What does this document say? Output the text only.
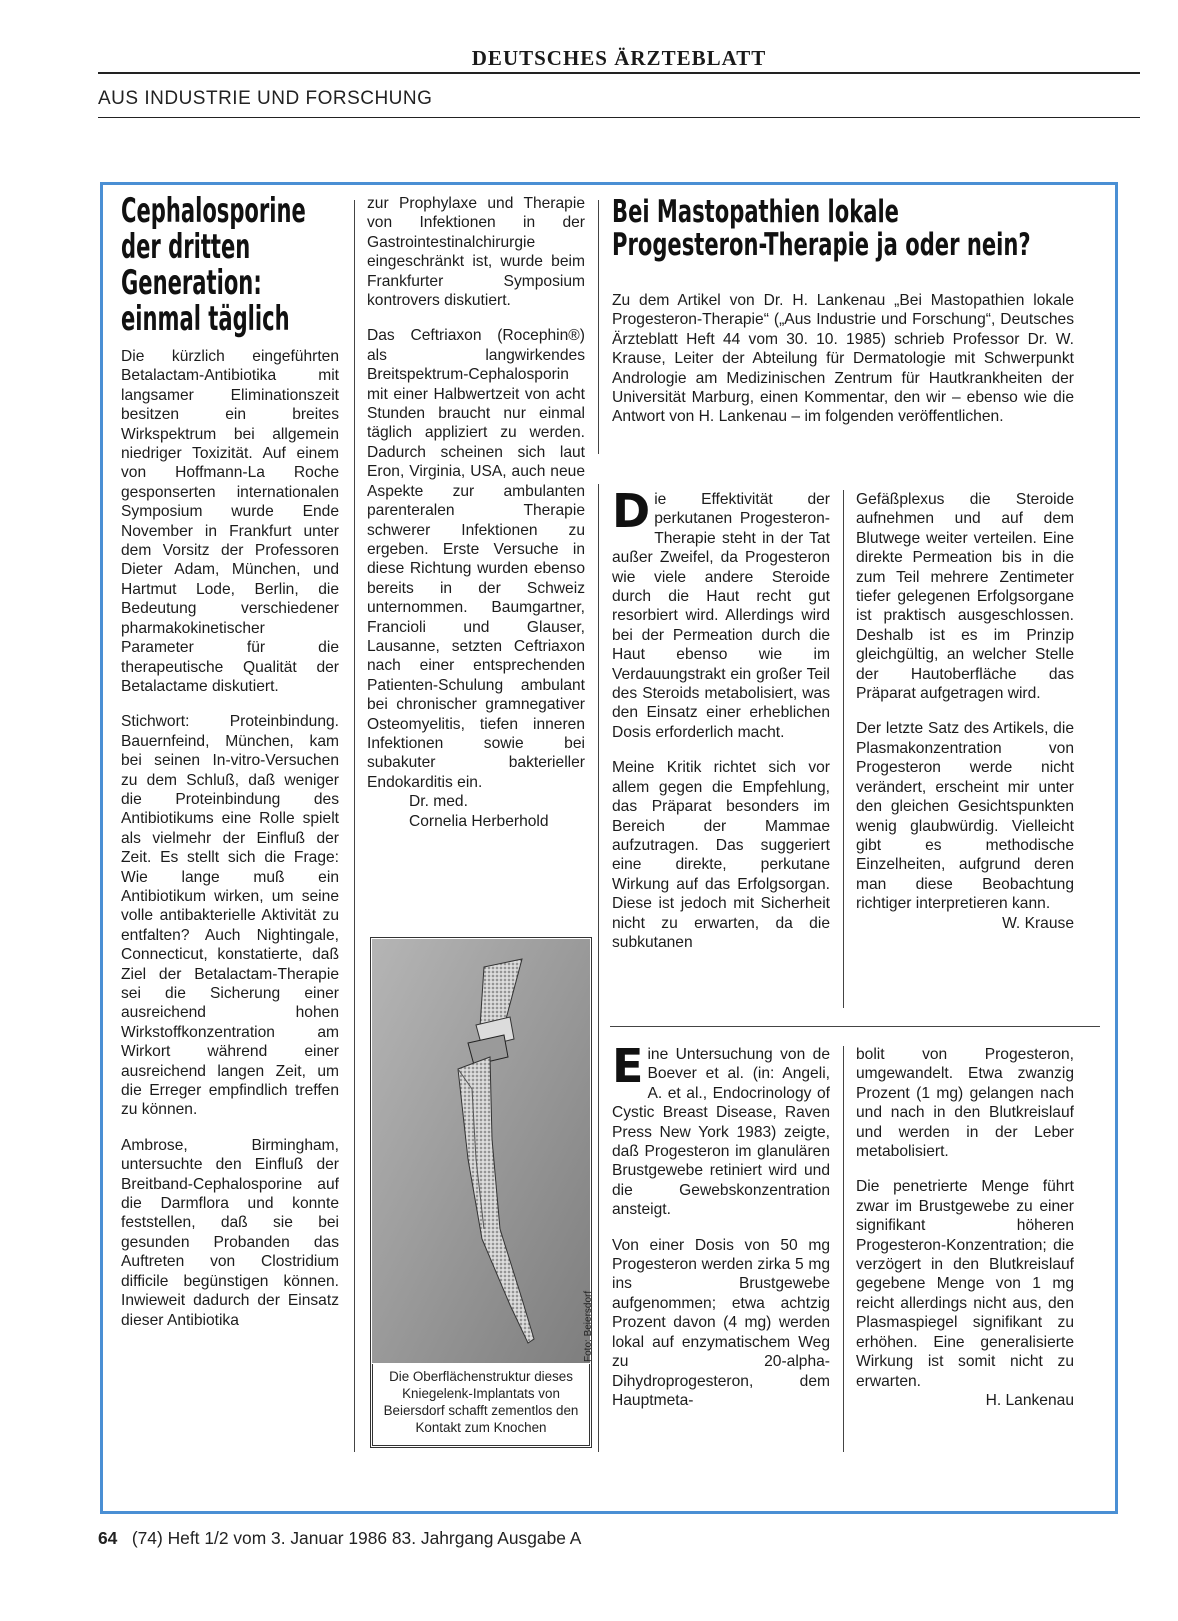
DEUTSCHES ÄRZTEBLATT
AUS INDUSTRIE UND FORSCHUNG
Cephalosporine
der dritten
Generation:
einmal täglich

Die kürzlich eingeführten Betalactam-Antibiotika mit langsamer Eliminationszeit besitzen ein breites Wirkspektrum bei allgemein niedriger Toxizität. Auf einem von Hoffmann-La Roche gesponserten internationalen Symposium wurde Ende November in Frankfurt unter dem Vorsitz der Professoren Dieter Adam, München, und Hartmut Lode, Berlin, die Bedeutung verschiedener pharmakokinetischer Parameter für die therapeutische Qualität der Betalactame diskutiert.

Stichwort: Proteinbindung. Bauernfeind, München, kam bei seinen In-vitro-Versuchen zu dem Schluß, daß weniger die Proteinbindung des Antibiotikums eine Rolle spielt als vielmehr der Einfluß der Zeit. Es stellt sich die Frage: Wie lange muß ein Antibiotikum wirken, um seine volle antibakterielle Aktivität zu entfalten? Auch Nightingale, Connecticut, konstatierte, daß Ziel der Betalactam-Therapie sei die Sicherung einer ausreichend hohen Wirkstoffkonzentration am Wirkort während einer ausreichend langen Zeit, um die Erreger empfindlich treffen zu können.

Ambrose, Birmingham, untersuchte den Einfluß der Breitband-Cephalosporine auf die Darmflora und konnte feststellen, daß sie bei gesunden Probanden das Auftreten von Clostridium difficile begünstigen können. Inwieweit dadurch der Einsatz dieser Antibiotika

zur Prophylaxe und Therapie von Infektionen in der Gastrointestinalchirurgie eingeschränkt ist, wurde beim Frankfurter Symposium kontrovers diskutiert.

Das Ceftriaxon (Rocephin®) als langwirkendes Breitspektrum-Cephalosporin mit einer Halbwertzeit von acht Stunden braucht nur einmal täglich appliziert zu werden. Dadurch scheinen sich laut Eron, Virginia, USA, auch neue Aspekte zur ambulanten parenteralen Therapie schwerer Infektionen zu ergeben. Erste Versuche in diese Richtung wurden ebenso bereits in der Schweiz unternommen. Baumgartner, Francioli und Glauser, Lausanne, setzten Ceftriaxon nach einer entsprechenden Patienten-Schulung ambulant bei chronischer gramnegativer Osteomyelitis, tiefen inneren Infektionen sowie bei subakuter bakterieller Endokarditis ein.

Dr. med.
Cornelia Herberhold
Foto: Beiersdorf
Die Oberflächenstruktur dieses Kniegelenk-Implantats von Beiersdorf schafft zementlos den Kontakt zum Knochen
Bei Mastopathien lokale
Progesteron-Therapie ja oder nein?
Zu dem Artikel von Dr. H. Lankenau „Bei Mastopathien lokale Progesteron-Therapie“ („Aus Industrie und Forschung“, Deutsches Ärzteblatt Heft 44 vom 30. 10. 1985) schrieb Professor Dr. W. Krause, Leiter der Abteilung für Dermatologie mit Schwerpunkt Andrologie am Medizinischen Zentrum für Hautkrankheiten der Universität Marburg, einen Kommentar, den wir – ebenso wie die Antwort von H. Lankenau – im folgenden veröffentlichen.

Die Effektivität der perkutanen Progesteron-Therapie steht in der Tat außer Zweifel, da Progesteron wie viele andere Steroide durch die Haut recht gut resorbiert wird. Allerdings wird bei der Permeation durch die Haut ebenso wie im Verdauungstrakt ein großer Teil des Steroids metabolisiert, was den Einsatz einer erheblichen Dosis erforderlich macht.

Meine Kritik richtet sich vor allem gegen die Empfehlung, das Präparat besonders im Bereich der Mammae aufzutragen. Das suggeriert eine direkte, perkutane Wirkung auf das Erfolgsorgan. Diese ist jedoch mit Sicherheit nicht zu erwarten, da die subkutanen

Gefäßplexus die Steroide aufnehmen und auf dem Blutwege weiter verteilen. Eine direkte Permeation bis in die zum Teil mehrere Zentimeter tiefer gelegenen Erfolgsorgane ist praktisch ausgeschlossen. Deshalb ist es im Prinzip gleichgültig, an welcher Stelle der Hautoberfläche das Präparat aufgetragen wird.

Der letzte Satz des Artikels, die Plasmakonzentration von Progesteron werde nicht verändert, erscheint mir unter den gleichen Gesichtspunkten wenig glaubwürdig. Vielleicht gibt es methodische Einzelheiten, aufgrund deren man diese Beobachtung richtiger interpretieren kann.

W. Krause

Eine Untersuchung von de Boever et al. (in: Angeli, A. et al., Endocrinology of Cystic Breast Disease, Raven Press New York 1983) zeigte, daß Progesteron im glanulären Brustgewebe retiniert wird und die Gewebskonzentration ansteigt.

Von einer Dosis von 50 mg Progesteron werden zirka 5 mg ins Brustgewebe aufgenommen; etwa achtzig Prozent davon (4 mg) werden lokal auf enzymatischem Weg zu 20-alpha-Dihydroprogesteron, dem Hauptmeta-

bolit von Progesteron, umgewandelt. Etwa zwanzig Prozent (1 mg) gelangen nach und nach in den Blutkreislauf und werden in der Leber metabolisiert.

Die penetrierte Menge führt zwar im Brustgewebe zu einer signifikant höheren Progesteron-Konzentration; die verzögert in den Blutkreislauf gegebene Menge von 1 mg reicht allerdings nicht aus, den Plasmaspiegel signifikant zu erhöhen. Eine generalisierte Wirkung ist somit nicht zu erwarten.

H. Lankenau
64 (74) Heft 1/2 vom 3. Januar 1986 83. Jahrgang Ausgabe A
